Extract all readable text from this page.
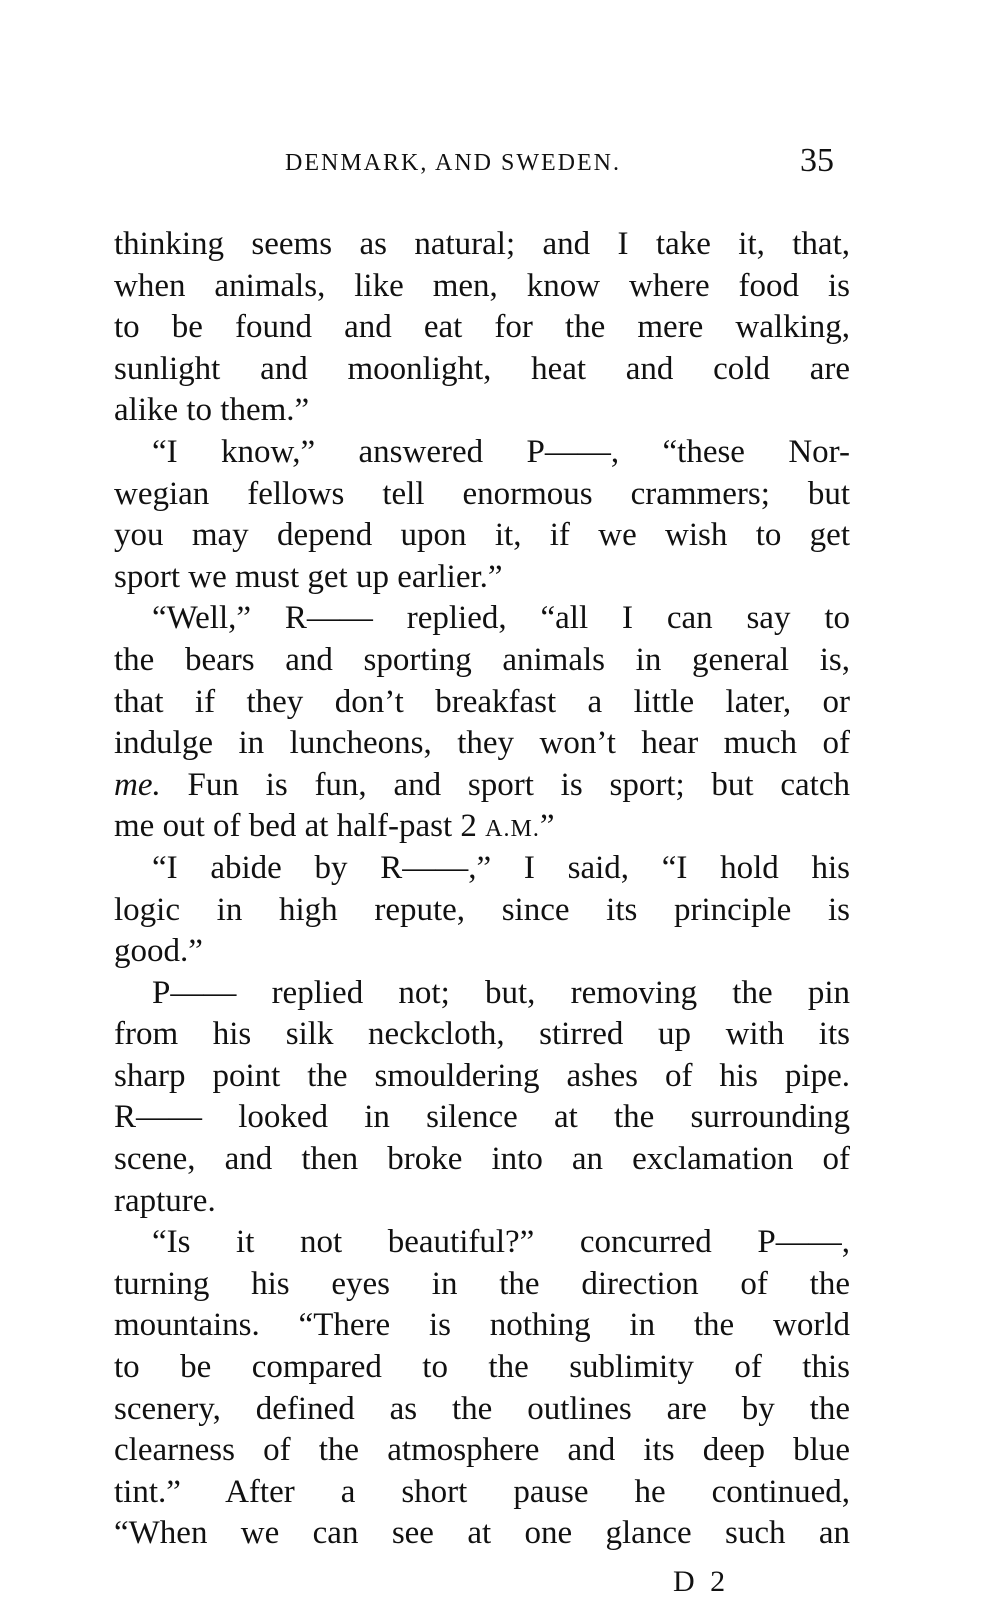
DENMARK, AND SWEDEN.	35
thinking seems as natural; and I take it, that,
when animals, like men, know where food is
to be found and eat for the mere walking,
sunlight and moonlight, heat and cold are
alike to them.”
“I know,” answered P——, “these Nor-
wegian fellows tell enormous crammers; but
you may depend upon it, if we wish to get
sport we must get up earlier.”
“Well,” R—— replied, “all I can say to
the bears and sporting animals in general is,
that if they don’t breakfast a little later, or
indulge in luncheons, they won’t hear much of
me. Fun is fun, and sport is sport; but catch
me out of bed at half-past 2 A.M.”
“I abide by R——,” I said, “I hold his
logic in high repute, since its principle is
good.”
P—— replied not; but, removing the pin
from his silk neckcloth, stirred up with its
sharp point the smouldering ashes of his pipe.
R—— looked in silence at the surrounding
scene, and then broke into an exclamation of
rapture.
“Is it not beautiful?” concurred P——,
turning his eyes in the direction of the
mountains. “There is nothing in the world
to be compared to the sublimity of this
scenery, defined as the outlines are by the
clearness of the atmosphere and its deep blue
tint.” After a short pause he continued,
“When we can see at one glance such an
D 2
